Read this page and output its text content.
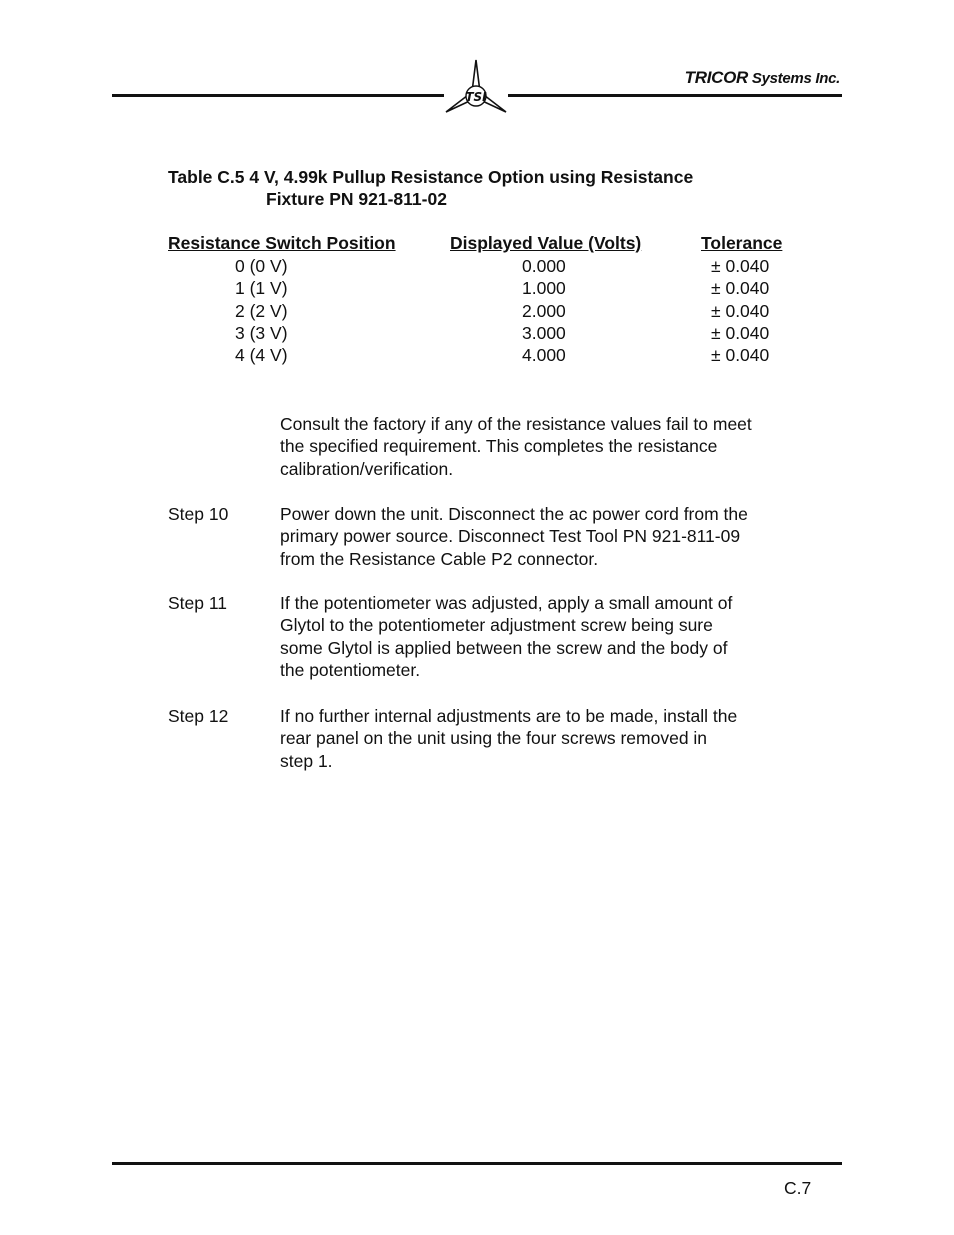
TRICOR Systems Inc.
TSI
Table C.5 4 V, 4.99k Pullup Resistance Option using Resistance
Fixture PN 921-811-02
Resistance Switch Position	Displayed Value (Volts)	Tolerance
0 (0 V)	0.000	± 0.040
1 (1 V)	1.000	± 0.040
2 (2 V)	2.000	± 0.040
3 (3 V)	3.000	± 0.040
4 (4 V)	4.000	± 0.040
Consult the factory if any of the resistance values fail to meet
the specified requirement. This completes the resistance
calibration/verification.
Step 10	Power down the unit. Disconnect the ac power cord from the
primary power source. Disconnect Test Tool PN 921-811-09
from the Resistance Cable P2 connector.
Step 11	If the potentiometer was adjusted, apply a small amount of
Glytol to the potentiometer adjustment screw being sure
some Glytol is applied between the screw and the body of
the potentiometer.
Step 12	If no further internal adjustments are to be made, install the
rear panel on the unit using the four screws removed in
step 1.
C.7
